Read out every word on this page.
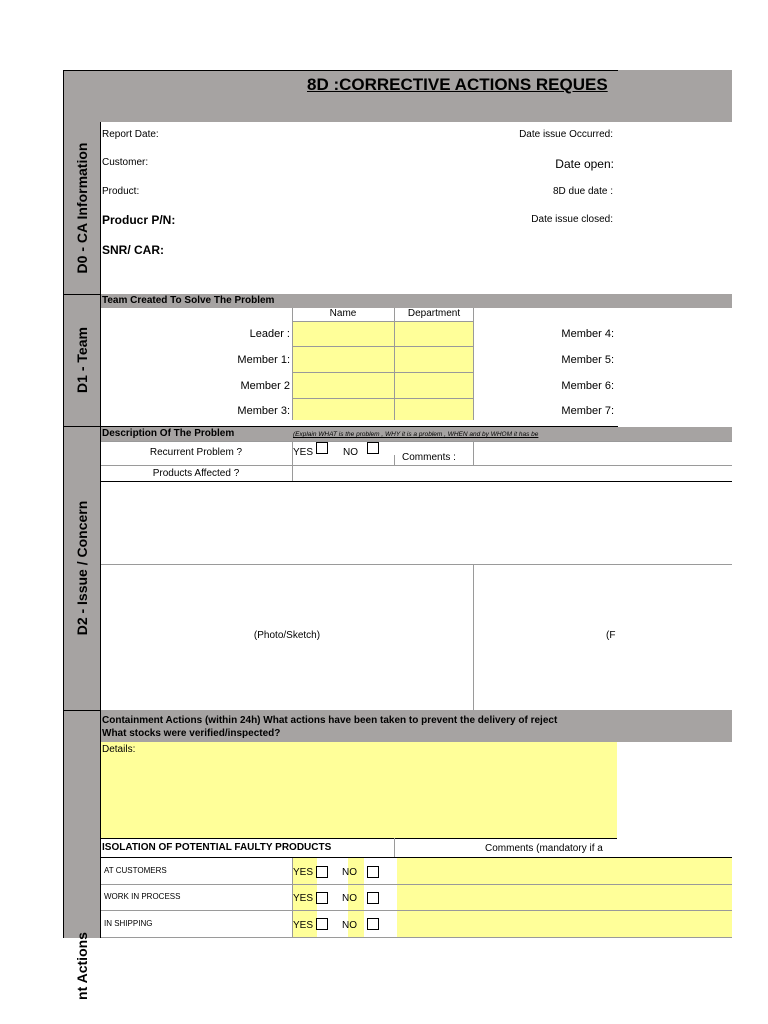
8D :CORRECTIVE ACTIONS REQUES
D0 - CA Information
D1 - Team
D2 - Issue / Concern
nt Actions
Report Date:
Customer:
Product:
Producr P/N:
SNR/ CAR:
Date issue Occurred:
Date open:
8D due date :
Date issue closed:
Team Created To Solve The Problem
Name	Department
Leader :
Member 1:
Member 2
Member 3:
Member 4:
Member 5:
Member 6:
Member 7:
Description Of The Problem	(Explain WHAT is the problem , WHY it is a problem , WHEN and by WHOM it has be
Recurrent Problem ?	YES	NO	Comments :
Products Affected ?
(Photo/Sketch)	(F
Containment Actions (within 24h) What actions have been taken to prevent the delivery of reject
What stocks were verified/inspected?
Details:
ISOLATION OF POTENTIAL FAULTY PRODUCTS	Comments (mandatory if a
AT CUSTOMERS	YES	NO
WORK IN PROCESS	YES	NO
IN SHIPPING	YES	NO
